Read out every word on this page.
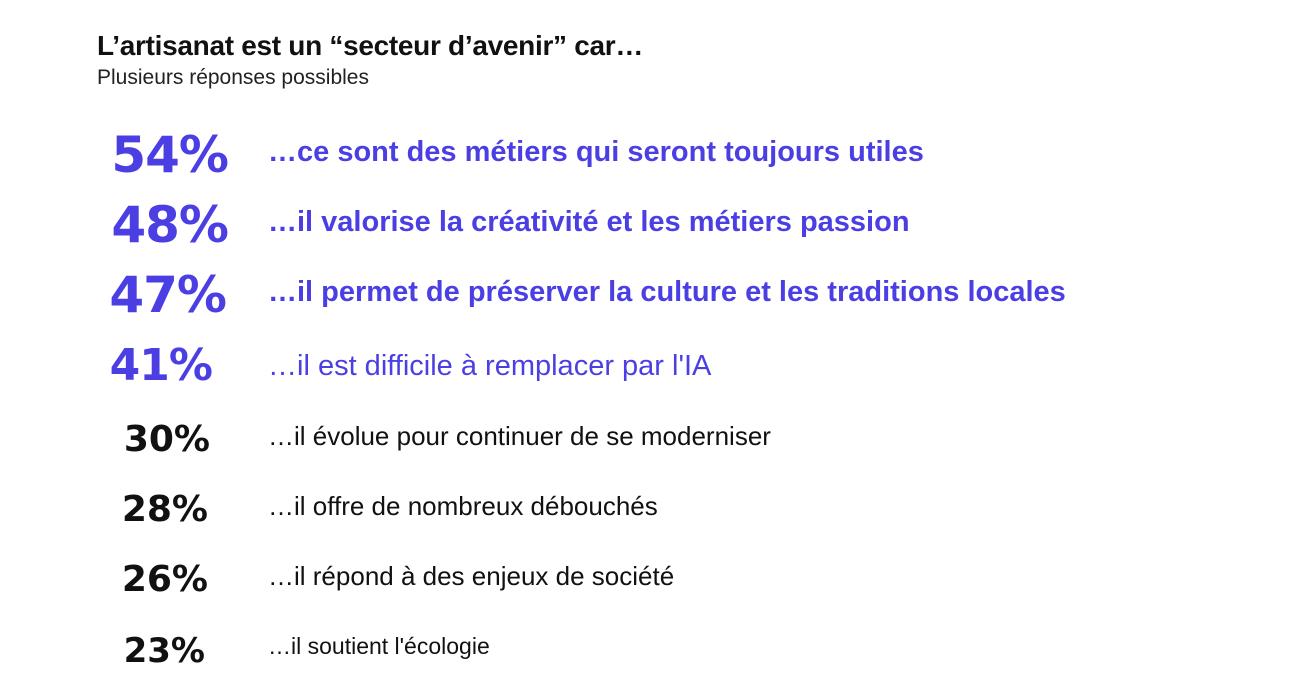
L’artisanat est un “secteur d’avenir” car…
Plusieurs réponses possibles
54% …ce sont des métiers qui seront toujours utiles
48% …il valorise la créativité et les métiers passion
47% …il permet de préserver la culture et les traditions locales
41% …il est difficile à remplacer par l'IA
30% …il évolue pour continuer de se moderniser
28% …il offre de nombreux débouchés
26% …il répond à des enjeux de société
23%	…il soutient l'écologie
